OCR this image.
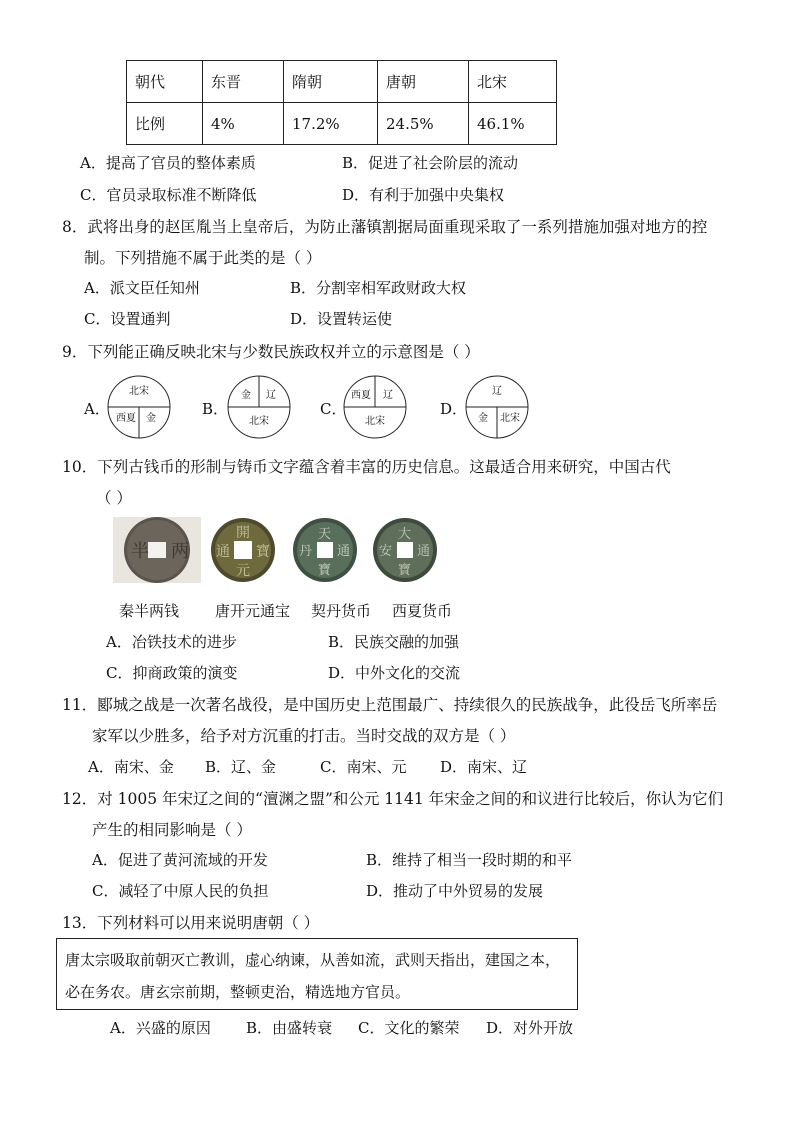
朝代	东晋	隋朝	唐朝	北宋
比例	4%	17.2%	24.5%	46.1%
A．提高了官员的整体素质	B．促进了社会阶层的流动
C．官员录取标准不断降低	D．有利于加强中央集权
8．武将出身的赵匡胤当上皇帝后，为防止藩镇割据局面重现采取了一系列措施加强对地方的控
制。下列措施不属于此类的是（ ）
A．派文臣任知州	B．分割宰相军政财政大权
C．设置通判	D．设置转运使
9．下列能正确反映北宋与少数民族政权并立的示意图是（ ）
A．
北宋
西夏 金
B．
金 辽
北宋
C．
西夏 辽
北宋
D．
辽
金 北宋
10．下列古钱币的形制与铸币文字蕴含着丰富的历史信息。这最适合用来研究，中国古代
（ ）
半 两
開
元
通 寶
天
寶
丹 通
大
寶
安 通
秦半两钱 唐开元通宝 契丹货币 西夏货币
A．冶铁技术的进步	B．民族交融的加强
C．抑商政策的演变	D．中外文化的交流
11．郾城之战是一次著名战役，是中国历史上范围最广、持续很久的民族战争，此役岳飞所率岳
家军以少胜多，给予对方沉重的打击。当时交战的双方是（ ）
A．南宋、金 B．辽、金	C．南宋、元 D．南宋、辽
12．对 1005 年宋辽之间的“澶渊之盟”和公元 1141 年宋金之间的和议进行比较后，你认为它们
产生的相同影响是（ ）
A．促进了黄河流域的开发	B．维持了相当一段时期的和平
C．减轻了中原人民的负担	D．推动了中外贸易的发展
13．下列材料可以用来说明唐朝（ ）
唐太宗吸取前朝灭亡教训，虚心纳谏，从善如流，武则天指出，建国之本，
必在务农。唐玄宗前期，整顿吏治，精选地方官员。
A．兴盛的原因 B．由盛转衰 C．文化的繁荣 D．对外开放
